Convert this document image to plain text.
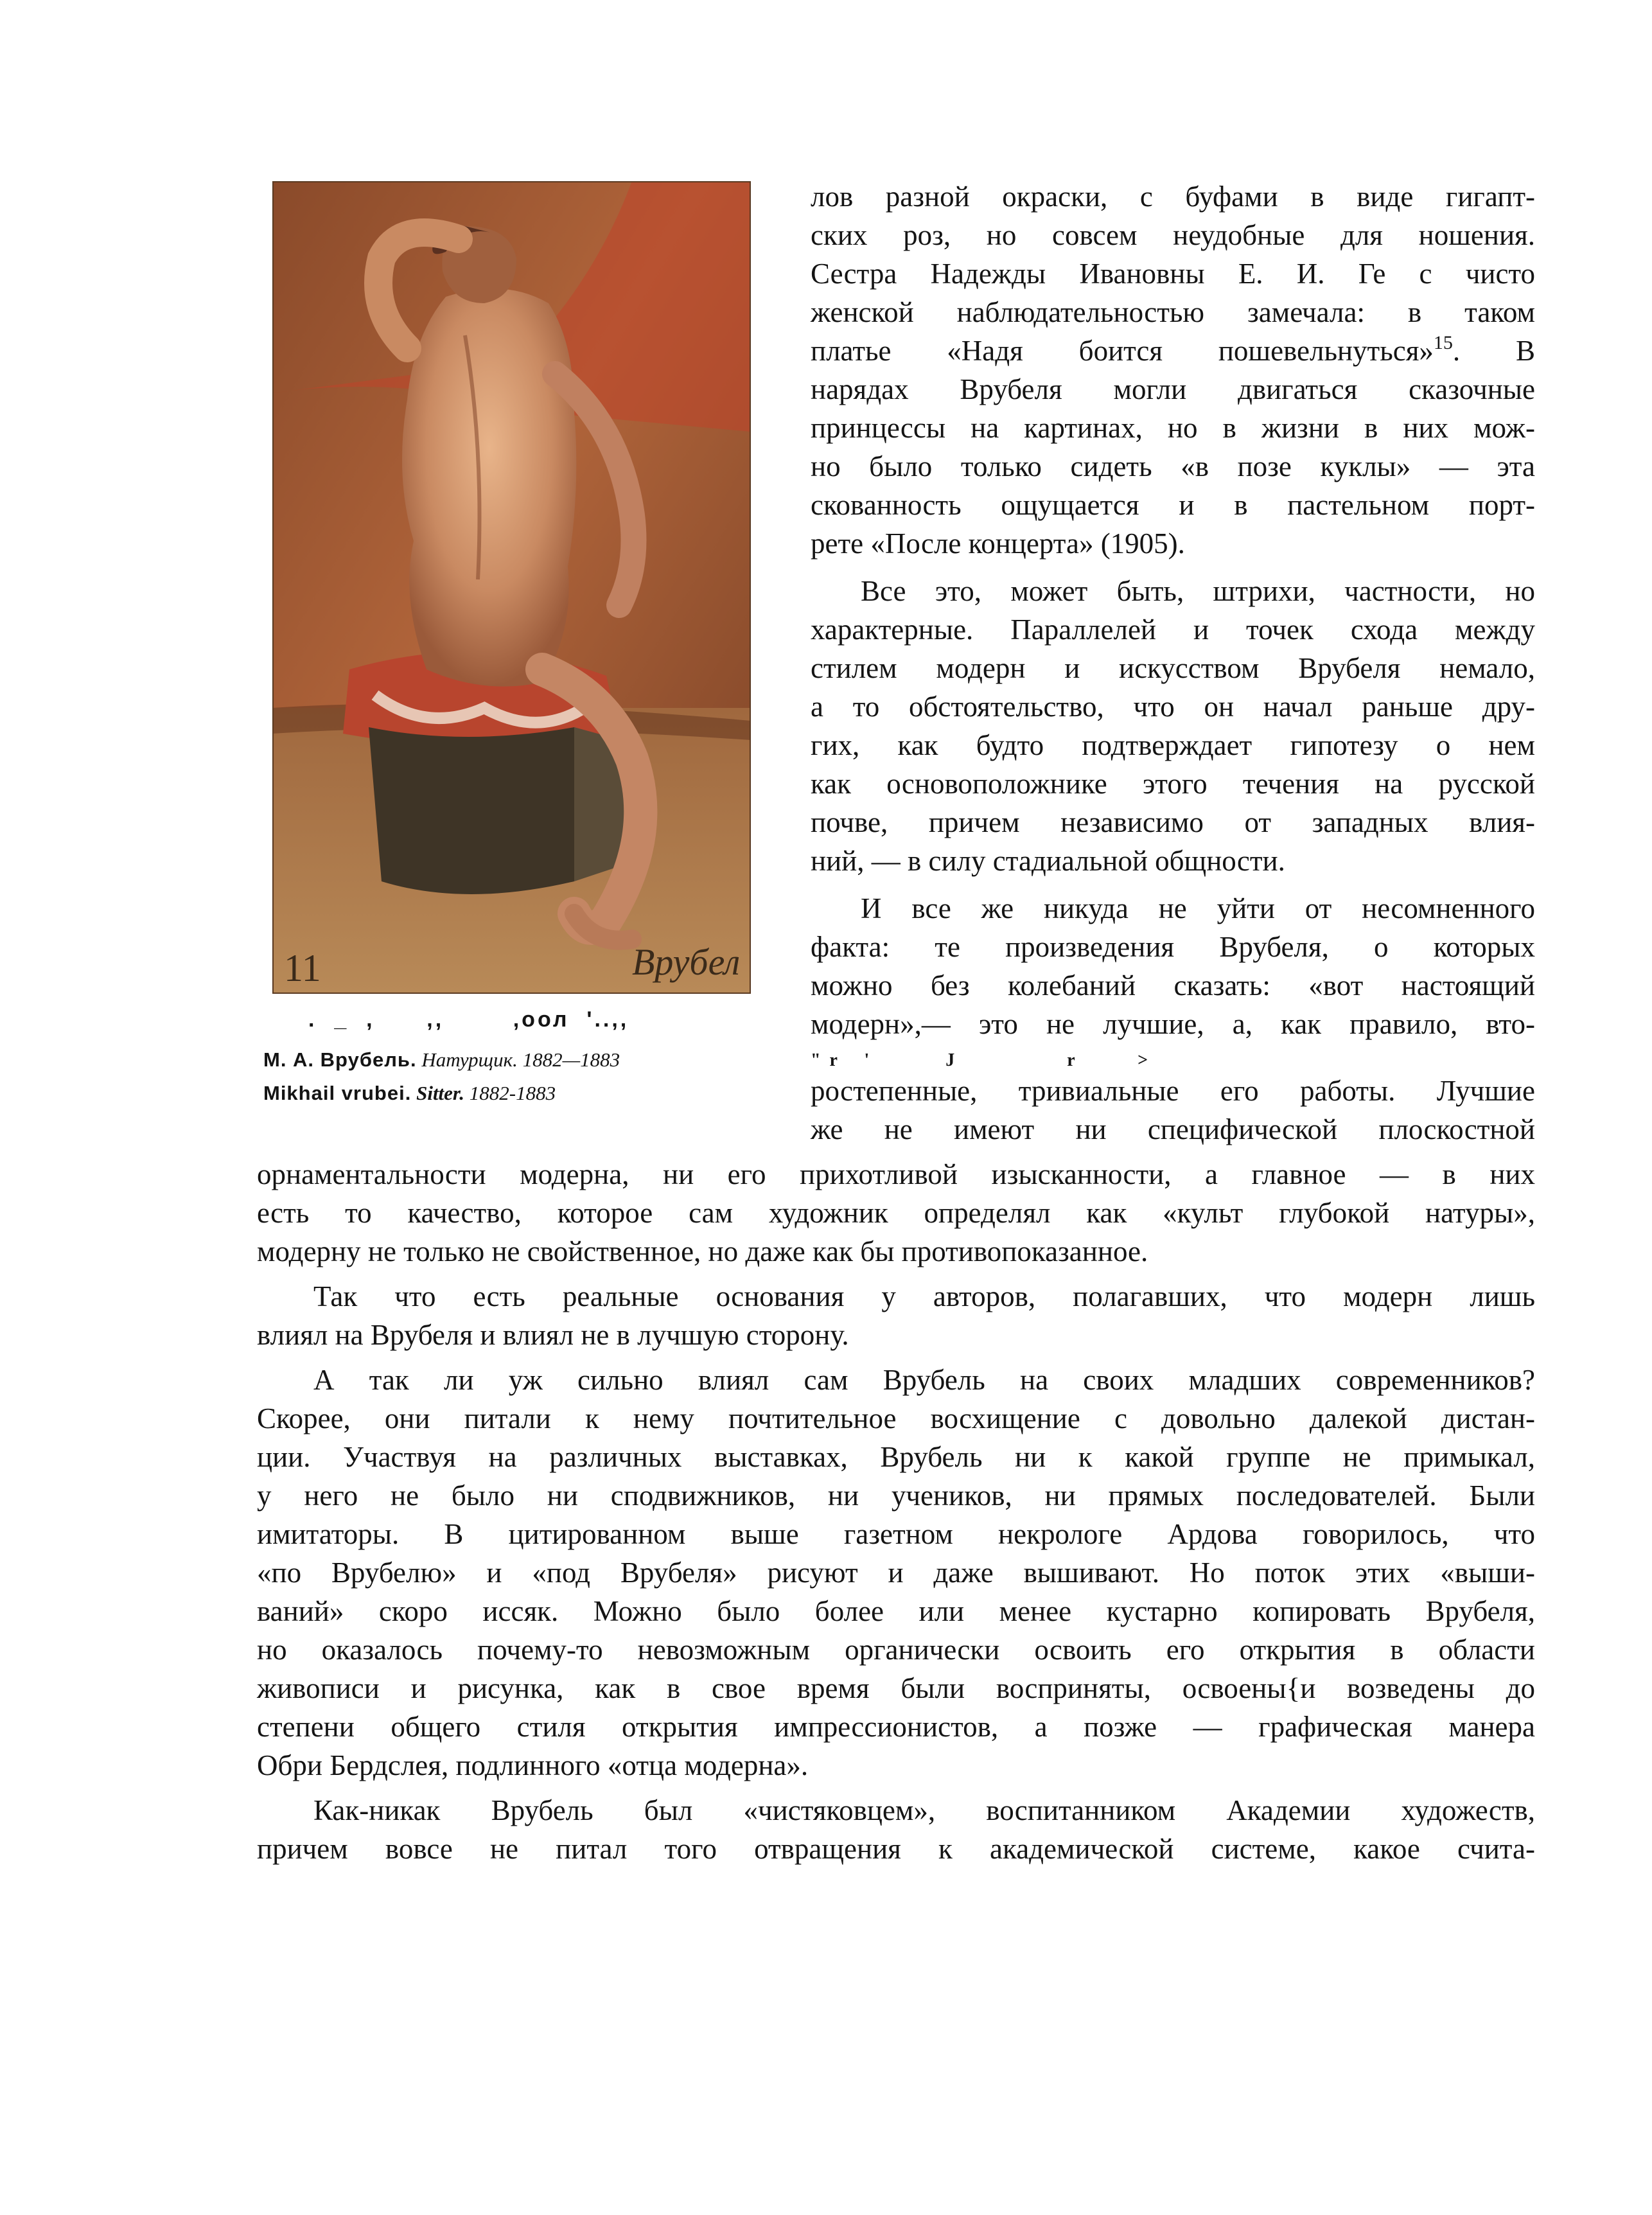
Врубел
11
.  _  ,      ,,        ,оол  '..,,
М. А. Врубель. Натурщик. 1882—1883
Mikhail vrubei. Sitter. 1882-1883
лов разной окраски, с буфами в виде гигапт-
ских роз, но совсем неудобные для ношения.
Сестра Надежды Ивановны Е. И. Ге с чисто
женской наблюдательностью замечала: в таком
платье «Надя боится пошевельнуться»$^{15}$. В
нарядах Врубеля могли двигаться сказочные
принцессы на картинах, но в жизни в них мож-
но было только сидеть «в позе куклы» — эта
скованность ощущается и в пастельном порт-
рете «После концерта» (1905).
Все это, может быть, штрихи, частности, но
характерные. Параллелей и точек схода между
стилем модерн и искусством Врубеля немало,
а то обстоятельство, что он начал раньше дру-
гих, как будто подтверждает гипотезу о нем
как основоположнике этого течения на русской
почве, причем независимо от западных влия-
ний, — в силу стадиальной общности.
И все же никуда не уйти от несомненного
факта: те произведения Врубеля, о которых
можно без колебаний сказать: «вот настоящий
модерн»,— это не лучшие, а, как правило, вто-
"  r      '                 J                         r              >
ростепенные, тривиальные его работы. Лучшие
же не имеют ни специфической плоскостной
орнаментальности модерна, ни его прихотливой изысканности, а главное — в них
есть то качество, которое сам художник определял как «культ глубокой натуры»,
модерну не только не свойственное, но даже как бы противопоказанное.
Так что есть реальные основания у авторов, полагавших, что модерн лишь
влиял на Врубеля и влиял не в лучшую сторону.
А так ли уж сильно влиял сам Врубель на своих младших современников?
Скорее, они питали к нему почтительное восхищение с довольно далекой дистан-
ции. Участвуя на различных выставках, Врубель ни к какой группе не примыкал,
у него не было ни сподвижников, ни учеников, ни прямых последователей. Были
имитаторы. В цитированном выше газетном некрологе Ардова говорилось, что
«по Врубелю» и «под Врубеля» рисуют и даже вышивают. Но поток этих «выши-
ваний» скоро иссяк. Можно было более или менее кустарно копировать Врубеля,
но оказалось почему-то невозможным органически освоить его открытия в области
живописи и рисунка, как в свое время были восприняты, освоены{и возведены до
степени общего стиля открытия импрессионистов, а позже — графическая манера
Обри Бердслея, подлинного «отца модерна».
Как-никак Врубель был «чистяковцем», воспитанником Академии художеств,
причем вовсе не питал того отвращения к академической системе, какое счита-
